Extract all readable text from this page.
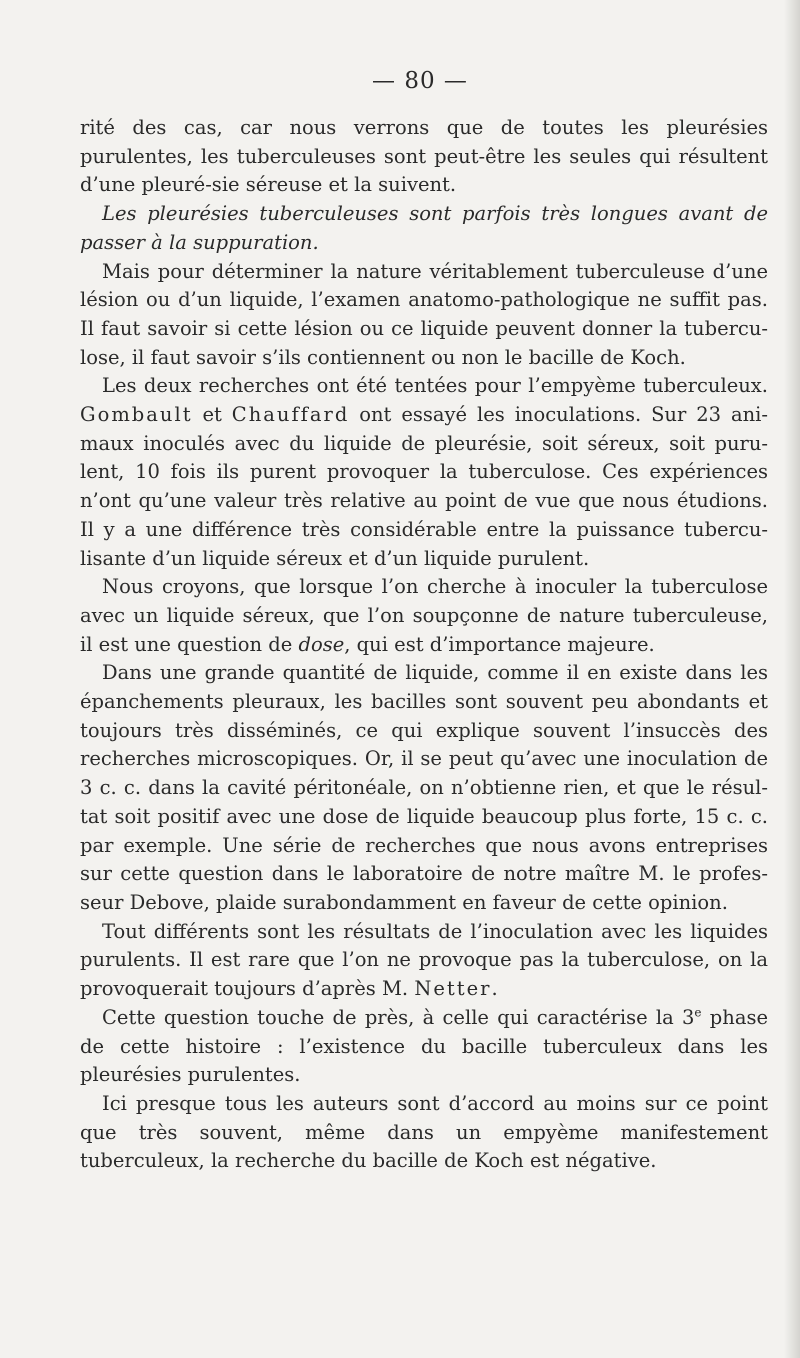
— 80 —

rité des cas, car nous verrons que de toutes les pleurésies purulentes, les tuberculeuses sont peut-être les seules qui résultent d’une pleuré-sie séreuse et la suivent.

Les pleurésies tuberculeuses sont parfois très longues avant de passer à la suppuration.

Mais pour déterminer la nature véritablement tuberculeuse d’une lésion ou d’un liquide, l’examen anatomo-pathologique ne suffit pas. Il faut savoir si cette lésion ou ce liquide peuvent donner la tubercu-lose, il faut savoir s’ils contiennent ou non le bacille de Koch.

Les deux recherches ont été tentées pour l’empyème tuberculeux. Gombault et Chauffard ont essayé les inoculations. Sur 23 ani-maux inoculés avec du liquide de pleurésie, soit séreux, soit puru-lent, 10 fois ils purent provoquer la tuberculose. Ces expériences n’ont qu’une valeur très relative au point de vue que nous étudions. Il y a une différence très considérable entre la puissance tubercu-lisante d’un liquide séreux et d’un liquide purulent.

Nous croyons, que lorsque l’on cherche à inoculer la tuberculose avec un liquide séreux, que l’on soupçonne de nature tuberculeuse, il est une question de dose, qui est d’importance majeure.

Dans une grande quantité de liquide, comme il en existe dans les épanchements pleuraux, les bacilles sont souvent peu abondants et toujours très disséminés, ce qui explique souvent l’insuccès des recherches microscopiques. Or, il se peut qu’avec une inoculation de 3 c. c. dans la cavité péritonéale, on n’obtienne rien, et que le résul-tat soit positif avec une dose de liquide beaucoup plus forte, 15 c. c. par exemple. Une série de recherches que nous avons entreprises sur cette question dans le laboratoire de notre maître M. le profes-seur Debove, plaide surabondamment en faveur de cette opinion.

Tout différents sont les résultats de l’inoculation avec les liquides purulents. Il est rare que l’on ne provoque pas la tuberculose, on la provoquerait toujours d’après M. Netter.

Cette question touche de près, à celle qui caractérise la 3e phase de cette histoire : l’existence du bacille tuberculeux dans les pleurésies purulentes.

Ici presque tous les auteurs sont d’accord au moins sur ce point que très souvent, même dans un empyème manifestement tuberculeux, la recherche du bacille de Koch est négative.
